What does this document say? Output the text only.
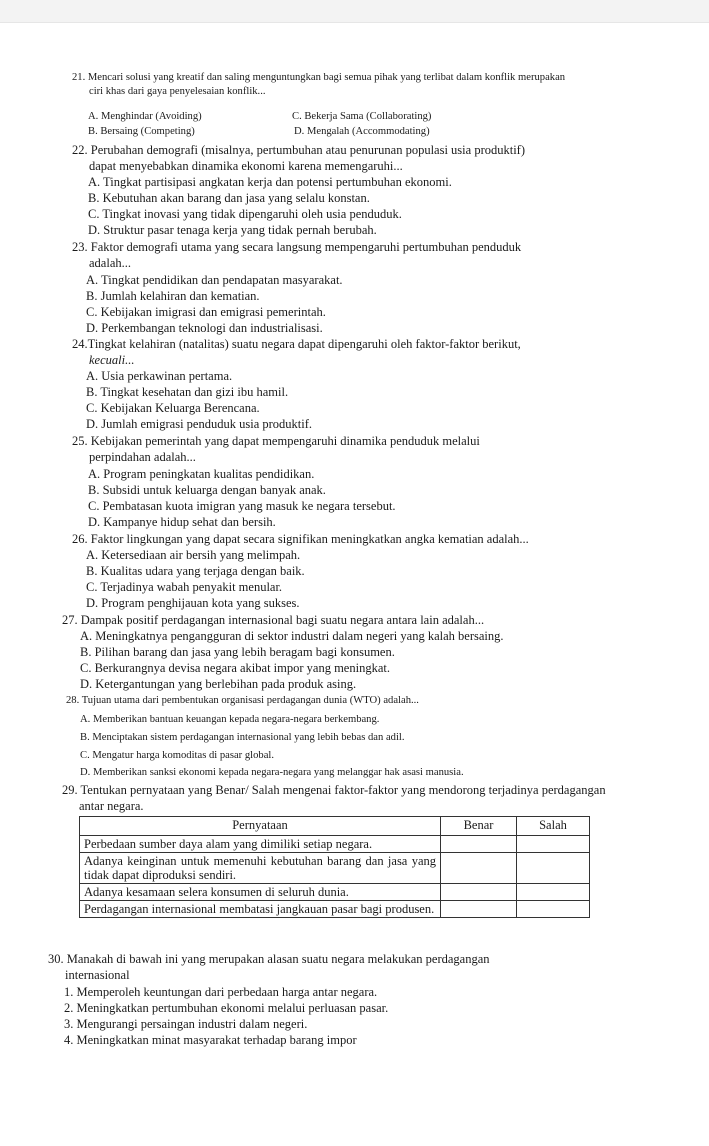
21. Mencari solusi yang kreatif dan saling menguntungkan bagi semua pihak yang terlibat dalam konflik merupakan
ciri khas dari gaya penyelesaian konflik...
A. Menghindar (Avoiding)	C. Bekerja Sama (Collaborating)
B. Bersaing (Competing)	D. Mengalah (Accommodating)
22. Perubahan demografi (misalnya, pertumbuhan atau penurunan populasi usia produktif)
dapat menyebabkan dinamika ekonomi karena memengaruhi...
A. Tingkat partisipasi angkatan kerja dan potensi pertumbuhan ekonomi.
B. Kebutuhan akan barang dan jasa yang selalu konstan.
C. Tingkat inovasi yang tidak dipengaruhi oleh usia penduduk.
D. Struktur pasar tenaga kerja yang tidak pernah berubah.
23. Faktor demografi utama yang secara langsung mempengaruhi pertumbuhan penduduk
adalah...
A. Tingkat pendidikan dan pendapatan masyarakat.
B. Jumlah kelahiran dan kematian.
C. Kebijakan imigrasi dan emigrasi pemerintah.
D. Perkembangan teknologi dan industrialisasi.
24.Tingkat kelahiran (natalitas) suatu negara dapat dipengaruhi oleh faktor-faktor berikut,
kecuali...
A. Usia perkawinan pertama.
B. Tingkat kesehatan dan gizi ibu hamil.
C. Kebijakan Keluarga Berencana.
D. Jumlah emigrasi penduduk usia produktif.
25. Kebijakan pemerintah yang dapat mempengaruhi dinamika penduduk melalui
perpindahan adalah...
A. Program peningkatan kualitas pendidikan.
B. Subsidi untuk keluarga dengan banyak anak.
C. Pembatasan kuota imigran yang masuk ke negara tersebut.
D. Kampanye hidup sehat dan bersih.
26. Faktor lingkungan yang dapat secara signifikan meningkatkan angka kematian adalah...
A. Ketersediaan air bersih yang melimpah.
B. Kualitas udara yang terjaga dengan baik.
C. Terjadinya wabah penyakit menular.
D. Program penghijauan kota yang sukses.
27. Dampak positif perdagangan internasional bagi suatu negara antara lain adalah...
A. Meningkatnya pengangguran di sektor industri dalam negeri yang kalah bersaing.
B. Pilihan barang dan jasa yang lebih beragam bagi konsumen.
C. Berkurangnya devisa negara akibat impor yang meningkat.
D. Ketergantungan yang berlebihan pada produk asing.
28. Tujuan utama dari pembentukan organisasi perdagangan dunia (WTO) adalah...
A. Memberikan bantuan keuangan kepada negara-negara berkembang.
B. Menciptakan sistem perdagangan internasional yang lebih bebas dan adil.
C. Mengatur harga komoditas di pasar global.
D. Memberikan sanksi ekonomi kepada negara-negara yang melanggar hak asasi manusia.
29. Tentukan pernyataan yang Benar/ Salah mengenai faktor-faktor yang mendorong terjadinya perdagangan
antar negara.
Pernyataan	Benar	Salah
Perbedaan sumber daya alam yang dimiliki setiap negara.		
Adanya keinginan untuk memenuhi kebutuhan barang dan jasa yang tidak dapat diproduksi sendiri.		
Adanya kesamaan selera konsumen di seluruh dunia.		
Perdagangan internasional membatasi jangkauan pasar bagi produsen.		
30. Manakah di bawah ini yang merupakan alasan suatu negara melakukan perdagangan
internasional
1. Memperoleh keuntungan dari perbedaan harga antar negara.
2. Meningkatkan pertumbuhan ekonomi melalui perluasan pasar.
3. Mengurangi persaingan industri dalam negeri.
4. Meningkatkan minat masyarakat terhadap barang impor
